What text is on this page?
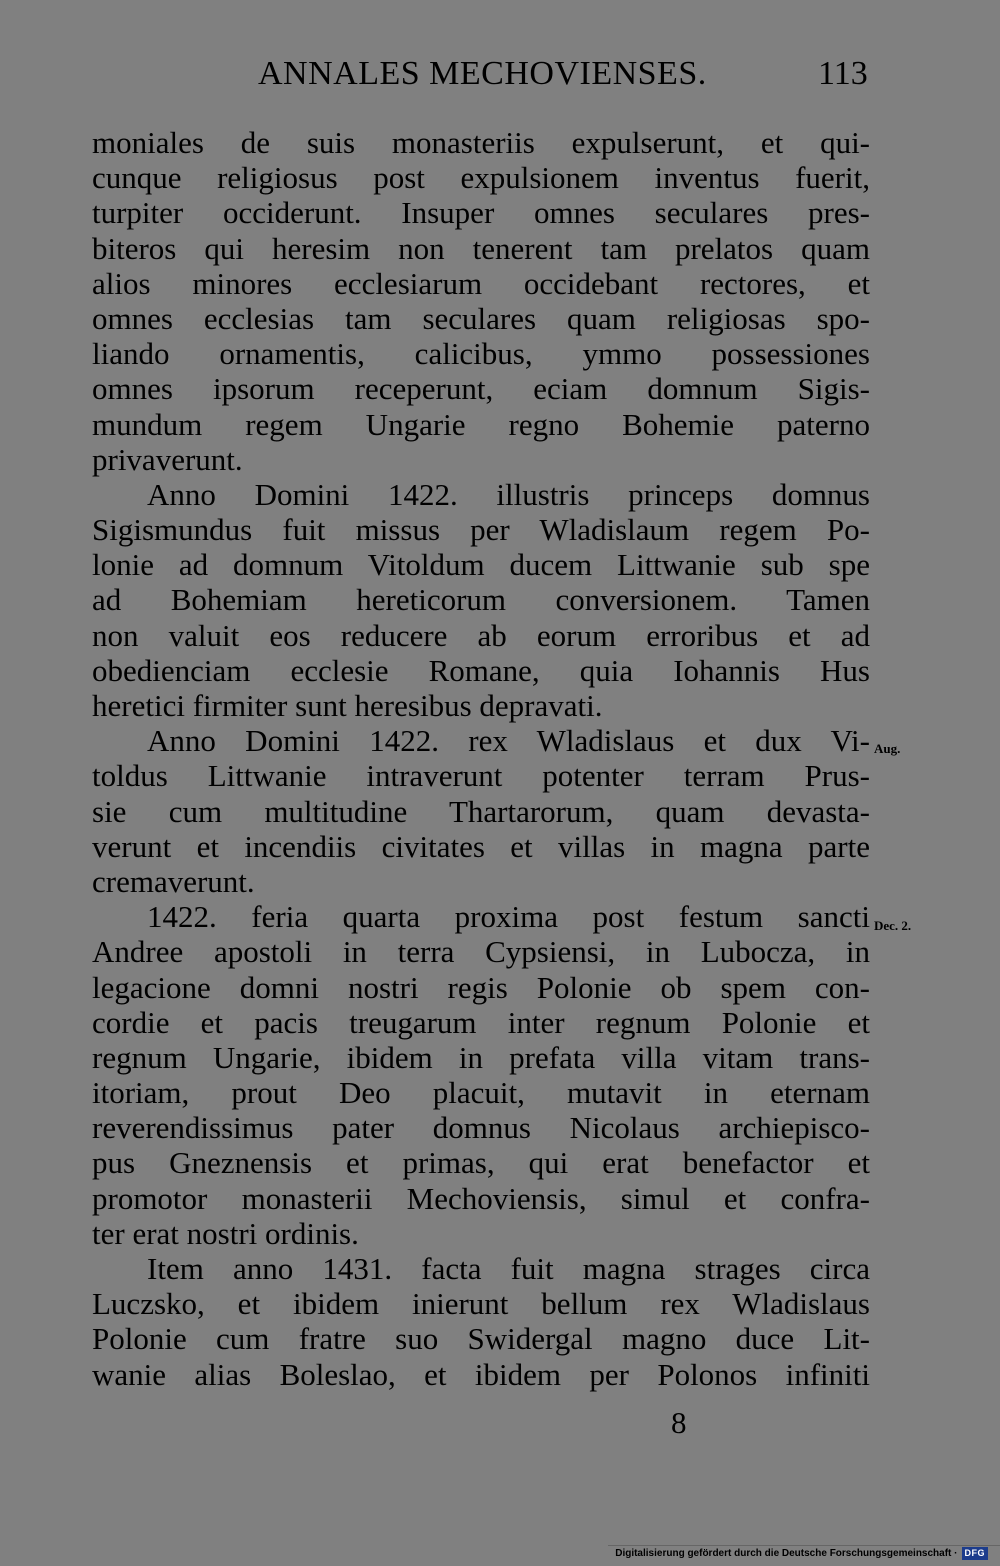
ANNALES MECHOVIENSES.	113
moniales de suis monasteriis expulserunt, et qui-
cunque religiosus post expulsionem inventus fuerit,
turpiter occiderunt. Insuper omnes seculares pres-
biteros qui heresim non tenerent tam prelatos quam
alios minores ecclesiarum occidebant rectores, et
omnes ecclesias tam seculares quam religiosas spo-
liando ornamentis, calicibus, ymmo possessiones
omnes ipsorum receperunt, eciam domnum Sigis-
mundum regem Ungarie regno Bohemie paterno
privaverunt.
Anno Domini 1422. illustris princeps domnus
Sigismundus fuit missus per Wladislaum regem Po-
lonie ad domnum Vitoldum ducem Littwanie sub spe
ad Bohemiam hereticorum conversionem. Tamen
non valuit eos reducere ab eorum erroribus et ad
obedienciam ecclesie Romane, quia Iohannis Hus
heretici firmiter sunt heresibus depravati.
Anno Domini 1422. rex Wladislaus et dux Vi-
toldus Littwanie intraverunt potenter terram Prus-
sie cum multitudine Thartarorum, quam devasta-
verunt et incendiis civitates et villas in magna parte
cremaverunt.
1422. feria quarta proxima post festum sancti
Andree apostoli in terra Cypsiensi, in Lubocza, in
legacione domni nostri regis Polonie ob spem con-
cordie et pacis treugarum inter regnum Polonie et
regnum Ungarie, ibidem in prefata villa vitam trans-
itoriam, prout Deo placuit, mutavit in eternam
reverendissimus pater domnus Nicolaus archiepisco-
pus Gneznensis et primas, qui erat benefactor et
promotor monasterii Mechoviensis, simul et confra-
ter erat nostri ordinis.
Item anno 1431. facta fuit magna strages circa
Luczsko, et ibidem inierunt bellum rex Wladislaus
Polonie cum fratre suo Swidergal magno duce Lit-
wanie alias Boleslao, et ibidem per Polonos infiniti
Aug.
Dec. 2.
8
Digitalisierung gefördert durch die Deutsche Forschungsgemeinschaft · DFG
